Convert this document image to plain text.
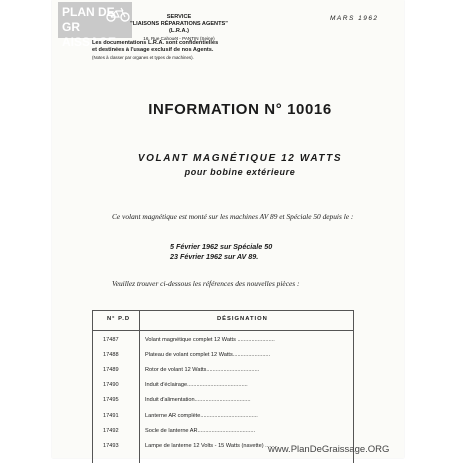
PLAN DE GR
AISSAGE
SERVICE
"LIAISONS RÉPARATIONS AGENTS" (L.R.A.)
16, Rue Cahouët - PANTIN (Seine)
MARS 1962
Les documentations L.R.A. sont confidentielles
et destinées à l'usage exclusif de nos Agents.
(Notes à classer par organes et types de machines).
INFORMATION N° 10016
VOLANT MAGNÉTIQUE 12 WATTS
pour bobine extérieure
Ce volant magnétique est monté sur les machines AV 89 et Spéciale 50 depuis le :
5 Février 1962 sur Spéciale 50
23 Février 1962 sur AV 89.
Veuillez trouver ci-dessous les références des nouvelles pièces :
N° P.D	DÉSIGNATION
17487	Volant magnétique complet 12 Watts ........................
17488	Plateau de volant complet 12 Watts........................
17489	Rotor de volant 12 Watts..................................
17490	Induit d'éclairage.......................................
17495	Induit d'alimentation....................................
17491	Lanterne AR complète.....................................
17492	Socle de lanterne AR.....................................
17493	Lampe de lanterne 12 Volts - 15 Watts (navette) ........
www.PlanDeGraissage.ORG
